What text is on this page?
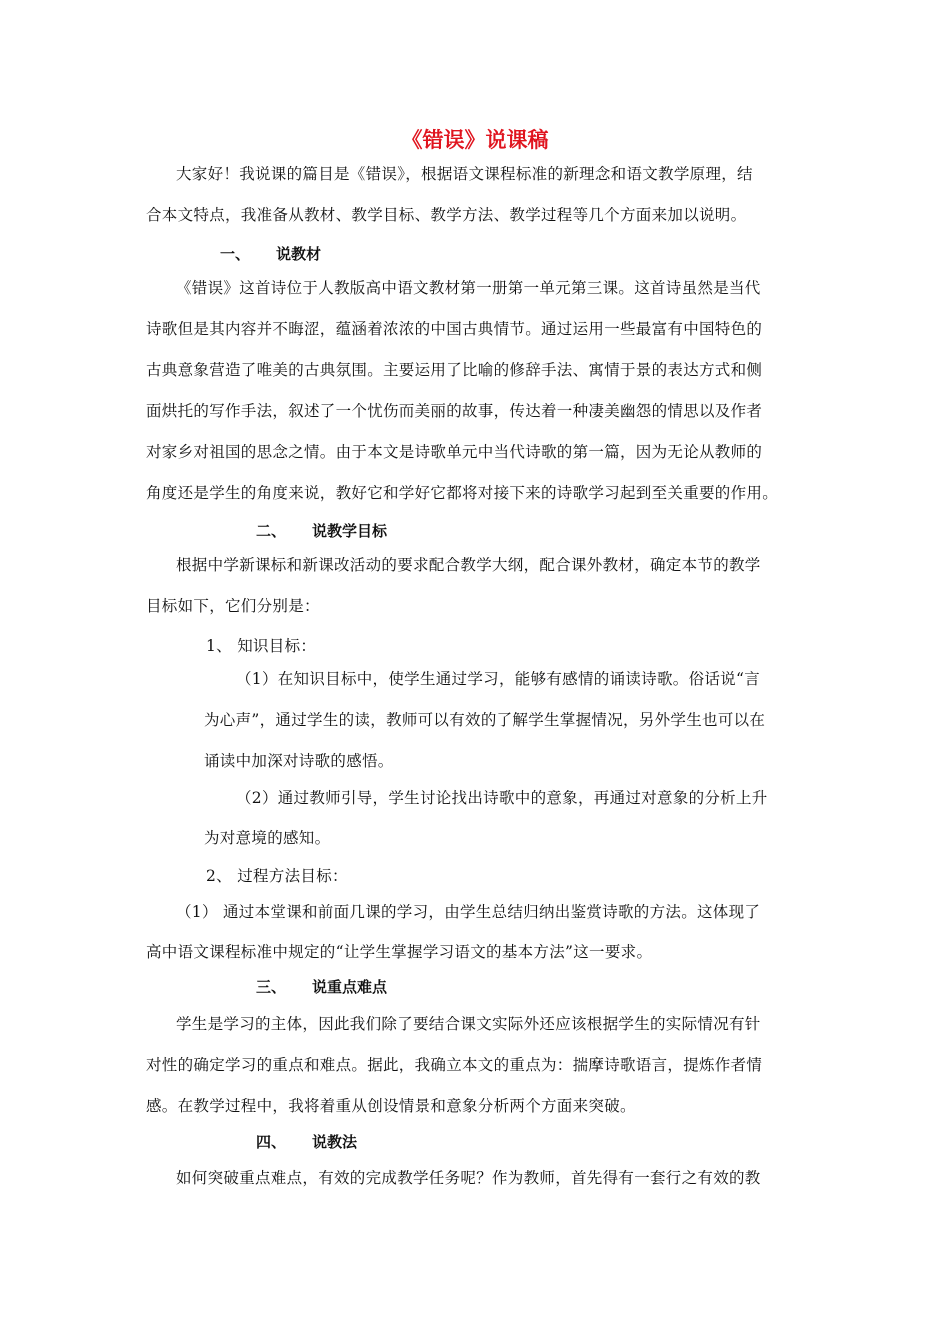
《错误》说课稿
大家好！我说课的篇目是《错误》，根据语文课程标准的新理念和语文教学原理，结
合本文特点，我准备从教材、教学目标、教学方法、教学过程等几个方面来加以说明。
一、 说教材
《错误》这首诗位于人教版高中语文教材第一册第一单元第三课。这首诗虽然是当代
诗歌但是其内容并不晦涩，蕴涵着浓浓的中国古典情节。通过运用一些最富有中国特色的
古典意象营造了唯美的古典氛围。主要运用了比喻的修辞手法、寓情于景的表达方式和侧
面烘托的写作手法，叙述了一个忧伤而美丽的故事，传达着一种凄美幽怨的情思以及作者
对家乡对祖国的思念之情。由于本文是诗歌单元中当代诗歌的第一篇，因为无论从教师的
角度还是学生的角度来说，教好它和学好它都将对接下来的诗歌学习起到至关重要的作用。
二、 说教学目标
根据中学新课标和新课改活动的要求配合教学大纲，配合课外教材，确定本节的教学
目标如下，它们分别是：
1、 知识目标：
（1）在知识目标中，使学生通过学习，能够有感情的诵读诗歌。俗话说“言
为心声”，通过学生的读，教师可以有效的了解学生掌握情况，另外学生也可以在
诵读中加深对诗歌的感悟。
（2）通过教师引导，学生讨论找出诗歌中的意象，再通过对意象的分析上升
为对意境的感知。
2、 过程方法目标：
（1） 通过本堂课和前面几课的学习，由学生总结归纳出鉴赏诗歌的方法。这体现了
高中语文课程标准中规定的“让学生掌握学习语文的基本方法”这一要求。
三、 说重点难点
学生是学习的主体，因此我们除了要结合课文实际外还应该根据学生的实际情况有针
对性的确定学习的重点和难点。据此，我确立本文的重点为：揣摩诗歌语言，提炼作者情
感。在教学过程中，我将着重从创设情景和意象分析两个方面来突破。
四、 说教法
如何突破重点难点，有效的完成教学任务呢？作为教师，首先得有一套行之有效的教
